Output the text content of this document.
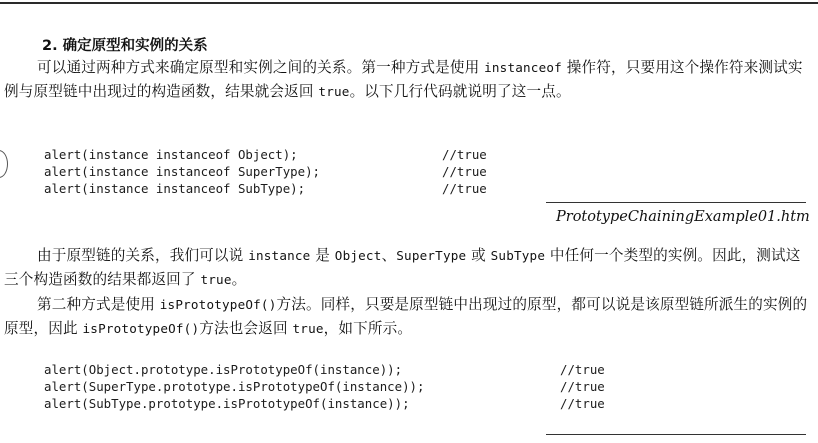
2. 确定原型和实例的关系
可以通过两种方式来确定原型和实例之间的关系。第一种方式是使用 instanceof 操作符，只要用这个操作符来测试实例与原型链中出现过的构造函数，结果就会返回 true。以下几行代码就说明了这一点。
alert(instance instanceof Object);	//true
alert(instance instanceof SuperType);	//true
alert(instance instanceof SubType);	//true
PrototypeChainingExample01.htm
由于原型链的关系，我们可以说 instance 是 Object、SuperType 或 SubType 中任何一个类型的实例。因此，测试这三个构造函数的结果都返回了 true。
第二种方式是使用 isPrototypeOf()方法。同样，只要是原型链中出现过的原型，都可以说是该原型链所派生的实例的原型，因此 isPrototypeOf()方法也会返回 true，如下所示。
alert(Object.prototype.isPrototypeOf(instance));	//true
alert(SuperType.prototype.isPrototypeOf(instance));	//true
alert(SubType.prototype.isPrototypeOf(instance));	//true
